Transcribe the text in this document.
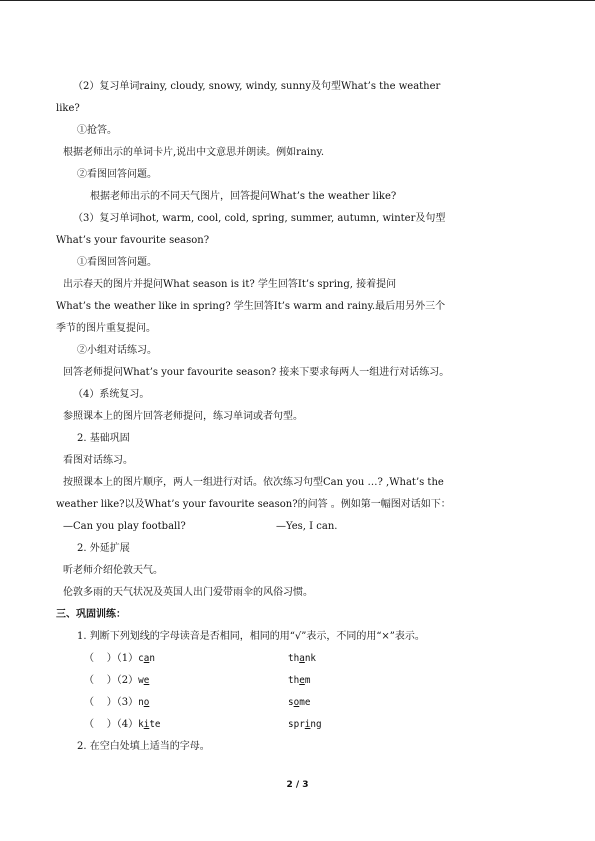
（2）复习单词rainy, cloudy, snowy, windy, sunny及句型What’s the weather
like?
①抢答。
根据老师出示的单词卡片,说出中文意思并朗读。例如rainy.
②看图回答问题。
根据老师出示的不同天气图片，回答提问What’s the weather like?
（3）复习单词hot, warm, cool, cold, spring, summer, autumn, winter及句型
What’s your favourite season?
①看图回答问题。
出示春天的图片并提问What season is it? 学生回答It’s spring, 接着提问
What’s the weather like in spring? 学生回答It’s warm and rainy.最后用另外三个
季节的图片重复提问。
②小组对话练习。
回答老师提问What’s your favourite season? 接来下要求每两人一组进行对话练习。
（4）系统复习。
参照课本上的图片回答老师提问，练习单词或者句型。
2. 基础巩固
看图对话练习。
按照课本上的图片顺序，两人一组进行对话。依次练习句型Can you …? ,What’s the
weather like?以及What’s your favourite season?的问答 。例如第一幅图对话如下：
—Can you play football?	—Yes, I can.
2. 外延扩展
听老师介绍伦敦天气。
伦敦多雨的天气状况及英国人出门爱带雨伞的风俗习惯。
三、巩固训练：
1. 判断下列划线的字母读音是否相同，相同的用“√”表示，不同的用“×”表示。
（    ）（1）can	thank
（    ）（2）we	them
（    ）（3）no	some
（    ）（4）kite	spring
2. 在空白处填上适当的字母。
2 / 3
